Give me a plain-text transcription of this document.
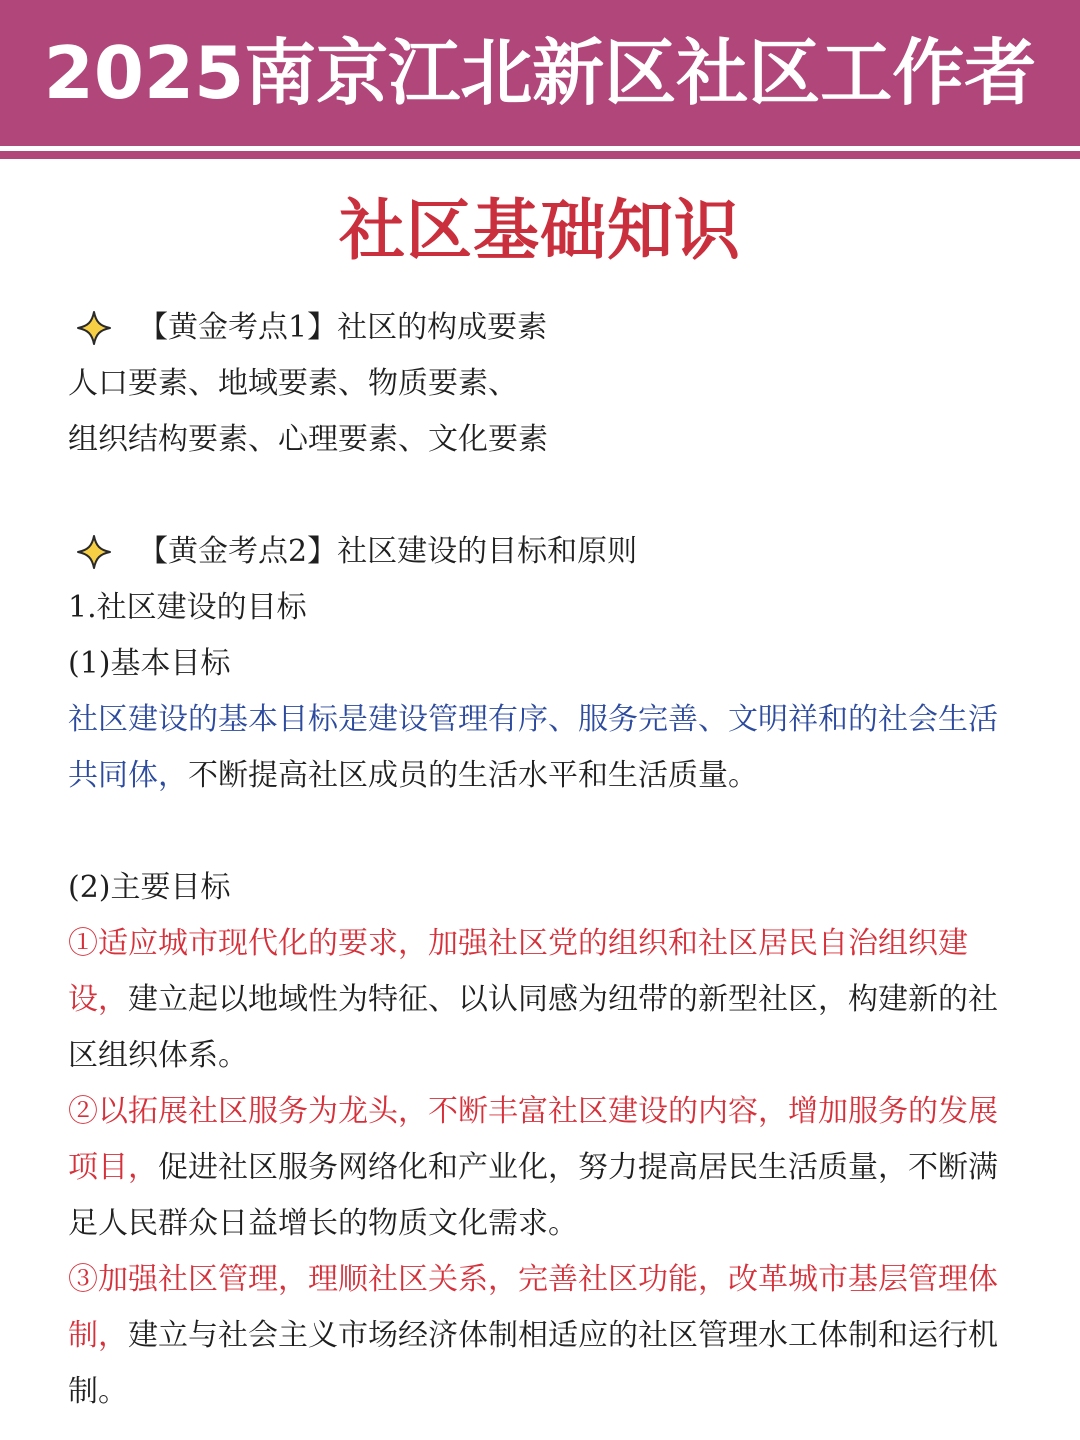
2025南京江北新区社区工作者
社区基础知识
【黄金考点1】社区的构成要素
人口要素、地域要素、物质要素、
组织结构要素、心理要素、文化要素
【黄金考点2】社区建设的目标和原则
1.社区建设的目标
(1)基本目标
社区建设的基本目标是建设管理有序、服务完善、文明祥和的社会生活共同体，不断提高社区成员的生活水平和生活质量。
(2)主要目标
①适应城市现代化的要求，加强社区党的组织和社区居民自治组织建设，建立起以地域性为特征、以认同感为纽带的新型社区，构建新的社区组织体系。
②以拓展社区服务为龙头，不断丰富社区建设的内容，增加服务的发展项目，促进社区服务网络化和产业化，努力提高居民生活质量，不断满足人民群众日益增长的物质文化需求。
③加强社区管理，理顺社区关系，完善社区功能，改革城市基层管理体制，建立与社会主义市场经济体制相适应的社区管理水工体制和运行机制。
